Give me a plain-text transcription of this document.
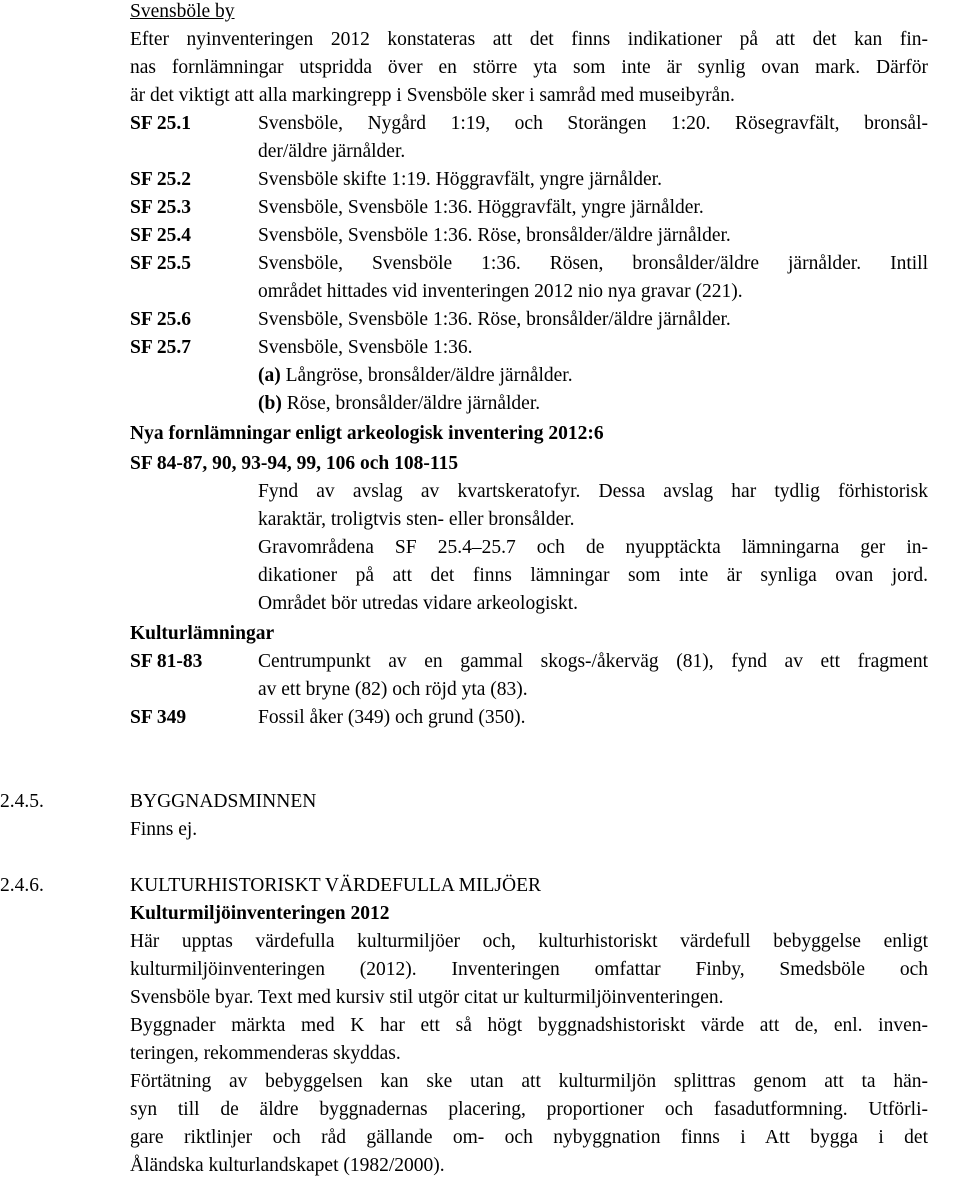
Svensböle by
Efter nyinventeringen 2012 konstateras att det finns indikationer på att det kan fin-
nas fornlämningar utspridda över en större yta som inte är synlig ovan mark. Därför
är det viktigt att alla markingrepp i Svensböle sker i samråd med museibyrån.
SF 25.1	Svensböle, Nygård 1:19, och Storängen 1:20. Rösegravfält, bronsål-
der/äldre järnålder.
SF 25.2	Svensböle skifte 1:19. Höggravfält, yngre järnålder.
SF 25.3	Svensböle, Svensböle 1:36. Höggravfält, yngre järnålder.
SF 25.4	Svensböle, Svensböle 1:36. Röse, bronsålder/äldre järnålder.
SF 25.5	Svensböle, Svensböle 1:36. Rösen, bronsålder/äldre järnålder. Intill
området hittades vid inventeringen 2012 nio nya gravar (221).
SF 25.6	Svensböle, Svensböle 1:36. Röse, bronsålder/äldre järnålder.
SF 25.7	Svensböle, Svensböle 1:36.
(a) Långröse, bronsålder/äldre järnålder.
(b) Röse, bronsålder/äldre järnålder.
Nya fornlämningar enligt arkeologisk inventering 2012:6
SF 84-87, 90, 93-94, 99, 106 och 108-115
Fynd av avslag av kvartskeratofyr. Dessa avslag har tydlig förhistorisk
karaktär, troligtvis sten- eller bronsålder.
Gravområdena SF 25.4–25.7 och de nyupptäckta lämningarna ger in-
dikationer på att det finns lämningar som inte är synliga ovan jord.
Området bör utredas vidare arkeologiskt.
Kulturlämningar
SF 81-83	Centrumpunkt av en gammal skogs-/åkerväg (81), fynd av ett fragment
av ett bryne (82) och röjd yta (83).
SF 349	Fossil åker (349) och grund (350).
2.4.5.	BYGGNADSMINNEN
Finns ej.
2.4.6.	KULTURHISTORISKT VÄRDEFULLA MILJÖER
Kulturmiljöinventeringen 2012
Här upptas värdefulla kulturmiljöer och, kulturhistoriskt värdefull bebyggelse enligt
kulturmiljöinventeringen (2012). Inventeringen omfattar Finby, Smedsböle och
Svensböle byar. Text med kursiv stil utgör citat ur kulturmiljöinventeringen.
Byggnader märkta med K har ett så högt byggnadshistoriskt värde att de, enl. inven-
teringen, rekommenderas skyddas.
Förtätning av bebyggelsen kan ske utan att kulturmiljön splittras genom att ta hän-
syn till de äldre byggnadernas placering, proportioner och fasadutformning. Utförli-
gare riktlinjer och råd gällande om- och nybyggnation finns i Att bygga i det
Åländska kulturlandskapet (1982/2000).
